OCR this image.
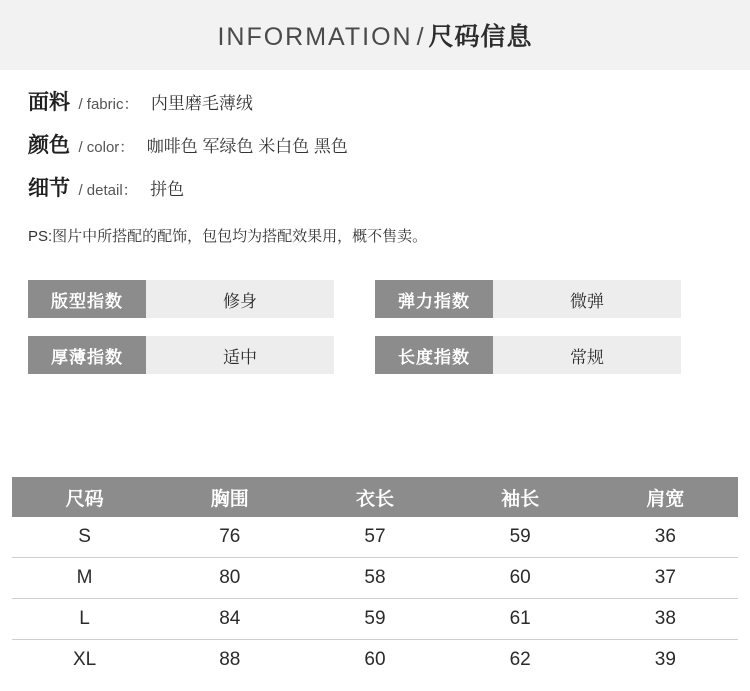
INFORMATION / 尺码信息
面料 / fabric： 内里磨毛薄绒
颜色 / color： 咖啡色 军绿色 米白色 黑色
细节 / detail： 拼色
PS:图片中所搭配的配饰，包包均为搭配效果用，概不售卖。
版型指数	修身	弹力指数	微弹
厚薄指数	适中	长度指数	常规
尺码	胸围	衣长	袖长	肩宽
S	76	57	59	36
M	80	58	60	37
L	84	59	61	38
XL	88	60	62	39
